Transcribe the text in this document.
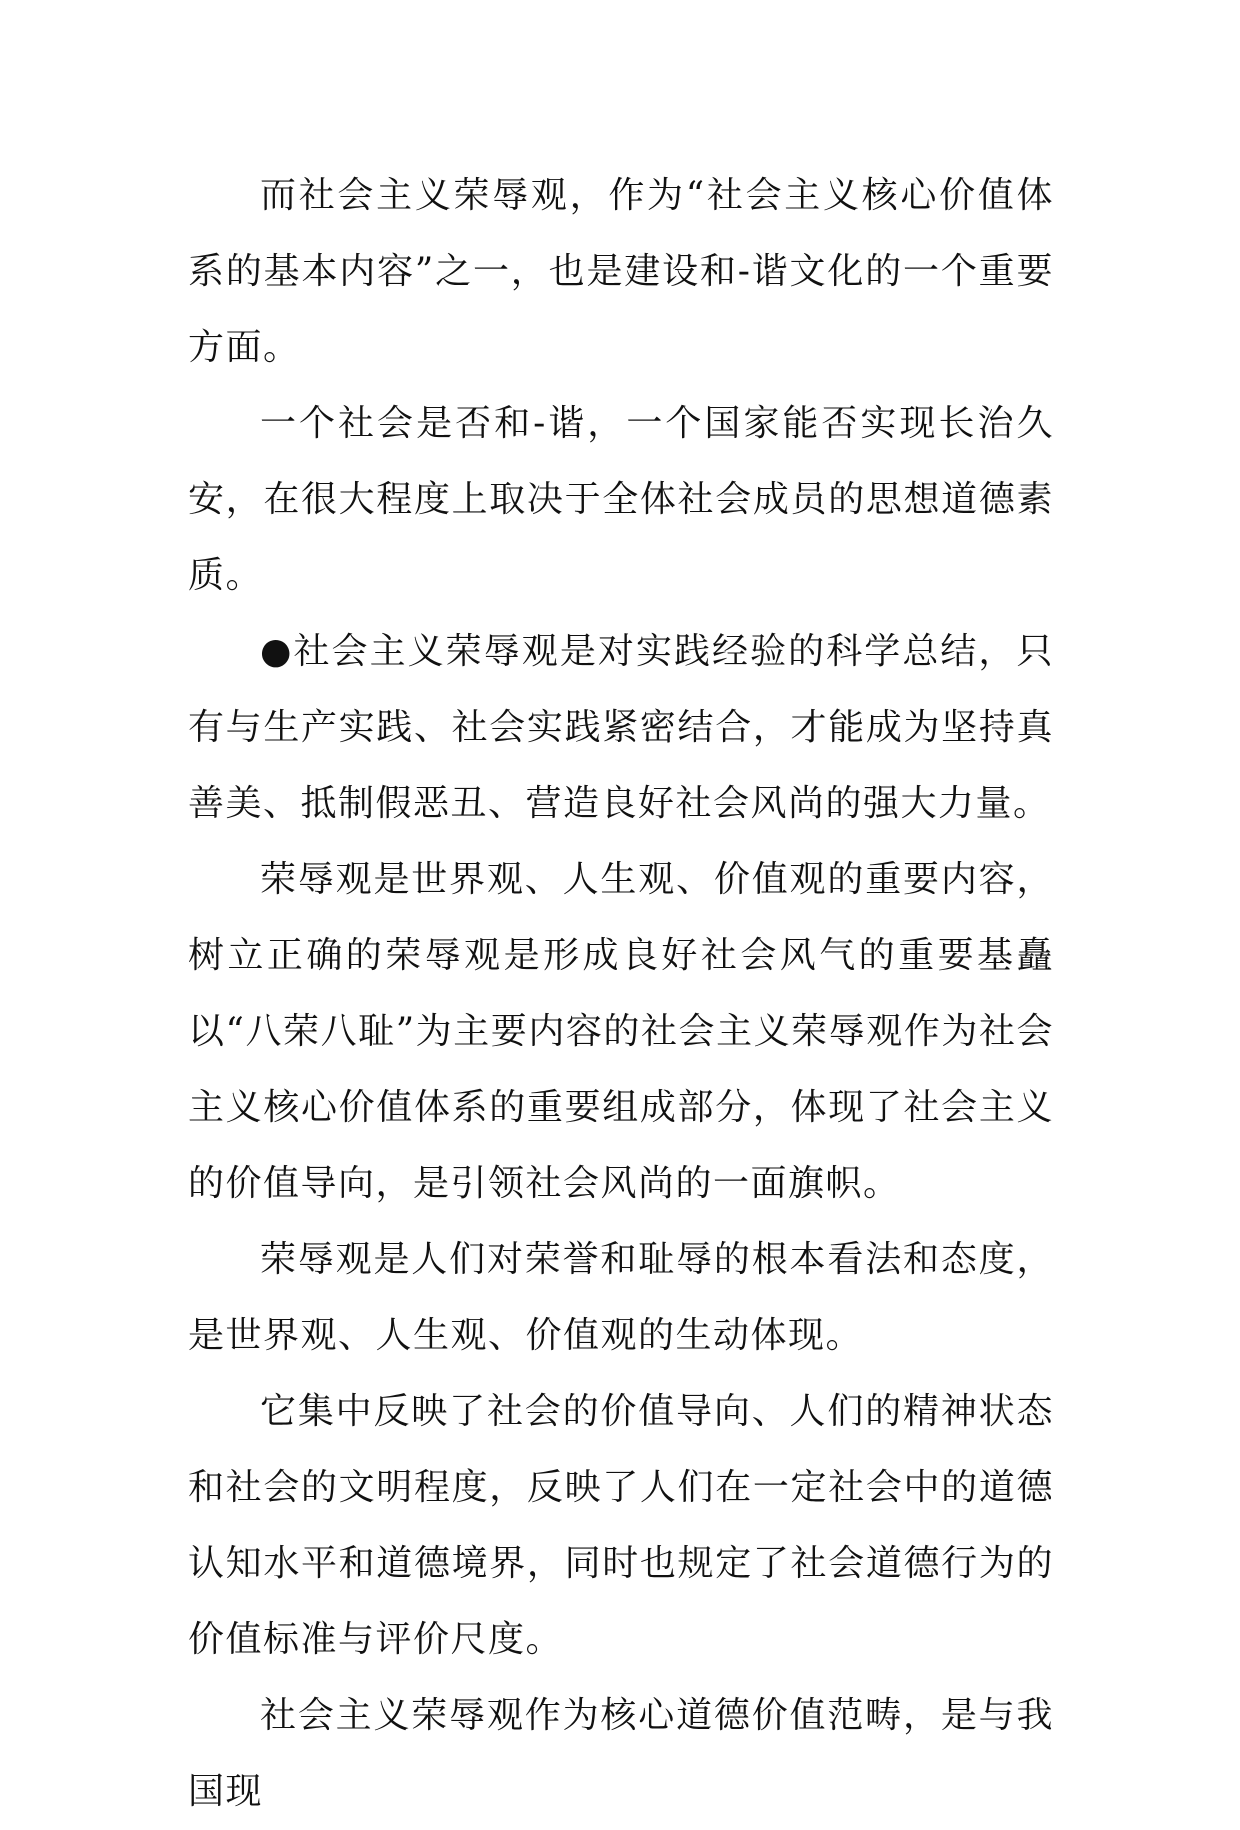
而社会主义荣辱观，作为“社会主义核心价值体系的基本内容”之一，也是建设和-谐文化的一个重要方面。

一个社会是否和-谐，一个国家能否实现长治久安，在很大程度上取决于全体社会成员的思想道德素质。

●社会主义荣辱观是对实践经验的科学总结，只有与生产实践、社会实践紧密结合，才能成为坚持真善美、抵制假恶丑、营造良好社会风尚的强大力量。

荣辱观是世界观、人生观、价值观的重要内容，树立正确的荣辱观是形成良好社会风气的重要基矗以“八荣八耻”为主要内容的社会主义荣辱观作为社会主义核心价值体系的重要组成部分，体现了社会主义的价值导向，是引领社会风尚的一面旗帜。

荣辱观是人们对荣誉和耻辱的根本看法和态度，是世界观、人生观、价值观的生动体现。

它集中反映了社会的价值导向、人们的精神状态和社会的文明程度，反映了人们在一定社会中的道德认知水平和道德境界，同时也规定了社会道德行为的价值标准与评价尺度。

社会主义荣辱观作为核心道德价值范畴，是与我国现
